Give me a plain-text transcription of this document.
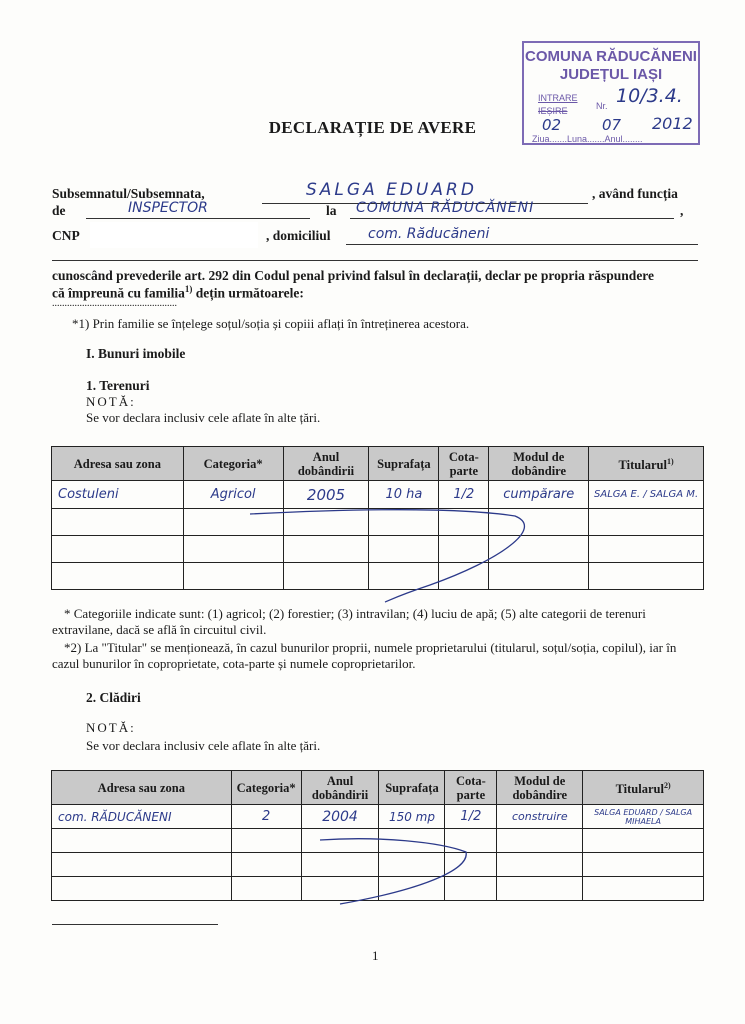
COMUNA RĂDUCĂNENI
JUDEȚUL IAȘI
INTRARE
IEȘIRE	Nr. 10/3.4.
02	07 2012
Ziua.......Luna.......Anul........
DECLARAȚIE DE AVERE
Subsemnatul/Subsemnata,	SALGA EDUARD	, având funcția
de	INSPECTOR	la COMUNA RĂDUCĂNENI	,
CNP	, domiciliul	com. Răducăneni
cunoscând prevederile art. 292 din Codul penal privind falsul în declarații, declar pe propria răspundere
că împreună cu familia$^{1)}$ dețin următoarele:
..................................................
*1) Prin familie se înțelege soțul/soția și copiii aflați în întreținerea acestora.
I. Bunuri imobile
1. Terenuri
NOTĂ:
Se vor declara inclusiv cele aflate în alte țări.
Adresa sau zona	Categoria*	Anul dobândirii	Suprafața	Cota-parte	Modul de dobândire	Titularul$^{1)}$
Costuleni	Agricol	2005	10 ha	1/2	cumpărare	SALGA E. / SALGA M.

* Categoriile indicate sunt: (1) agricol; (2) forestier; (3) intravilan; (4) luciu de apă; (5) alte categorii de terenuri extravilane, dacă se află în circuitul civil.
*2) La "Titular" se menționează, în cazul bunurilor proprii, numele proprietarului (titularul, soțul/soția, copilul), iar în cazul bunurilor în coproprietate, cota-parte și numele coproprietarilor.
2. Clădiri
NOTĂ:
Se vor declara inclusiv cele aflate în alte țări.
Adresa sau zona	Categoria*	Anul dobândirii	Suprafața	Cota-parte	Modul de dobândire	Titularul$^{2)}$
com. RĂDUCĂNENI	2	2004	150 mp	1/2	construire	SALGA EDUARD / SALGA MIHAELA

1
